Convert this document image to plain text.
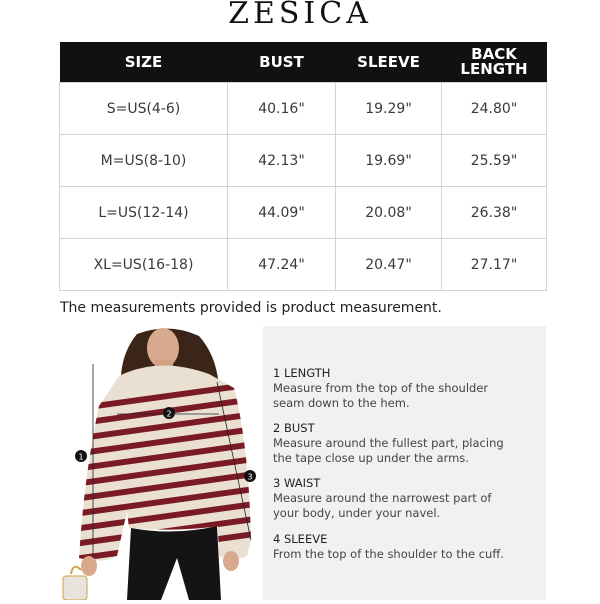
ZESICA
SIZE	BUST	SLEEVE	BACK
LENGTH
S=US(4-6)	40.16"	19.29"	24.80"
M=US(8-10)	42.13"	19.69"	25.59"
L=US(12-14)	44.09"	20.08"	26.38"
XL=US(16-18)	47.24"	20.47"	27.17"
The measurements provided is product measurement.
1
2
3
1 LENGTH
Measure from the top of the shoulder
seam down to the hem.
2 BUST
Measure around the fullest part, placing
the tape close up under the arms.
3 WAIST
Measure around the narrowest part of
your body, under your navel.
4 SLEEVE
From the top of the shoulder to the cuff.
